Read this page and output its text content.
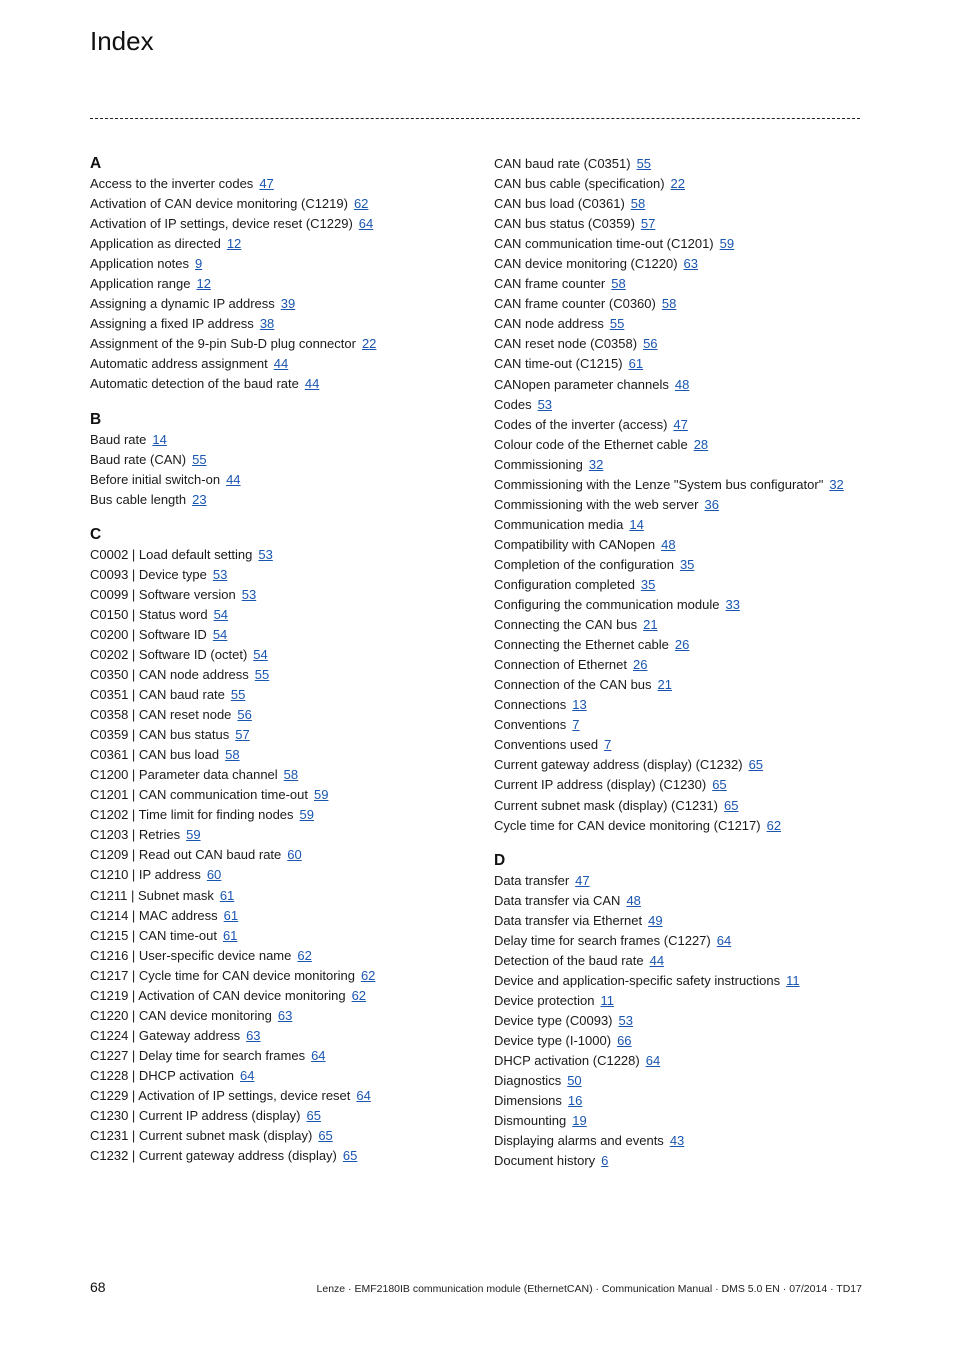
Index
A
Access to the inverter codes 47
Activation of CAN device monitoring (C1219) 62
Activation of IP settings, device reset (C1229) 64
Application as directed 12
Application notes 9
Application range 12
Assigning a dynamic IP address 39
Assigning a fixed IP address 38
Assignment of the 9-pin Sub-D plug connector 22
Automatic address assignment 44
Automatic detection of the baud rate 44
B
Baud rate 14
Baud rate (CAN) 55
Before initial switch-on 44
Bus cable length 23
C
C0002 | Load default setting 53
C0093 | Device type 53
C0099 | Software version 53
C0150 | Status word 54
C0200 | Software ID 54
C0202 | Software ID (octet) 54
C0350 | CAN node address 55
C0351 | CAN baud rate 55
C0358 | CAN reset node 56
C0359 | CAN bus status 57
C0361 | CAN bus load 58
C1200 | Parameter data channel 58
C1201 | CAN communication time-out 59
C1202 | Time limit for finding nodes 59
C1203 | Retries 59
C1209 | Read out CAN baud rate 60
C1210 | IP address 60
C1211 | Subnet mask 61
C1214 | MAC address 61
C1215 | CAN time-out 61
C1216 | User-specific device name 62
C1217 | Cycle time for CAN device monitoring 62
C1219 | Activation of CAN device monitoring 62
C1220 | CAN device monitoring 63
C1224 | Gateway address 63
C1227 | Delay time for search frames 64
C1228 | DHCP activation 64
C1229 | Activation of IP settings, device reset 64
C1230 | Current IP address (display) 65
C1231 | Current subnet mask (display) 65
C1232 | Current gateway address (display) 65
CAN baud rate (C0351) 55
CAN bus cable (specification) 22
CAN bus load (C0361) 58
CAN bus status (C0359) 57
CAN communication time-out (C1201) 59
CAN device monitoring (C1220) 63
CAN frame counter 58
CAN frame counter (C0360) 58
CAN node address 55
CAN reset node (C0358) 56
CAN time-out (C1215) 61
CANopen parameter channels 48
Codes 53
Codes of the inverter (access) 47
Colour code of the Ethernet cable 28
Commissioning 32
Commissioning with the Lenze "System bus configurator" 32
Commissioning with the web server 36
Communication media 14
Compatibility with CANopen 48
Completion of the configuration 35
Configuration completed 35
Configuring the communication module 33
Connecting the CAN bus 21
Connecting the Ethernet cable 26
Connection of Ethernet 26
Connection of the CAN bus 21
Connections 13
Conventions 7
Conventions used 7
Current gateway address (display) (C1232) 65
Current IP address (display) (C1230) 65
Current subnet mask (display) (C1231) 65
Cycle time for CAN device monitoring (C1217) 62
D
Data transfer 47
Data transfer via CAN 48
Data transfer via Ethernet 49
Delay time for search frames (C1227) 64
Detection of the baud rate 44
Device and application-specific safety instructions 11
Device protection 11
Device type (C0093) 53
Device type (I-1000) 66
DHCP activation (C1228) 64
Diagnostics 50
Dimensions 16
Dismounting 19
Displaying alarms and events 43
Document history 6
68	Lenze · EMF2180IB communication module (EthernetCAN) · Communication Manual · DMS 5.0 EN · 07/2014 · TD17
